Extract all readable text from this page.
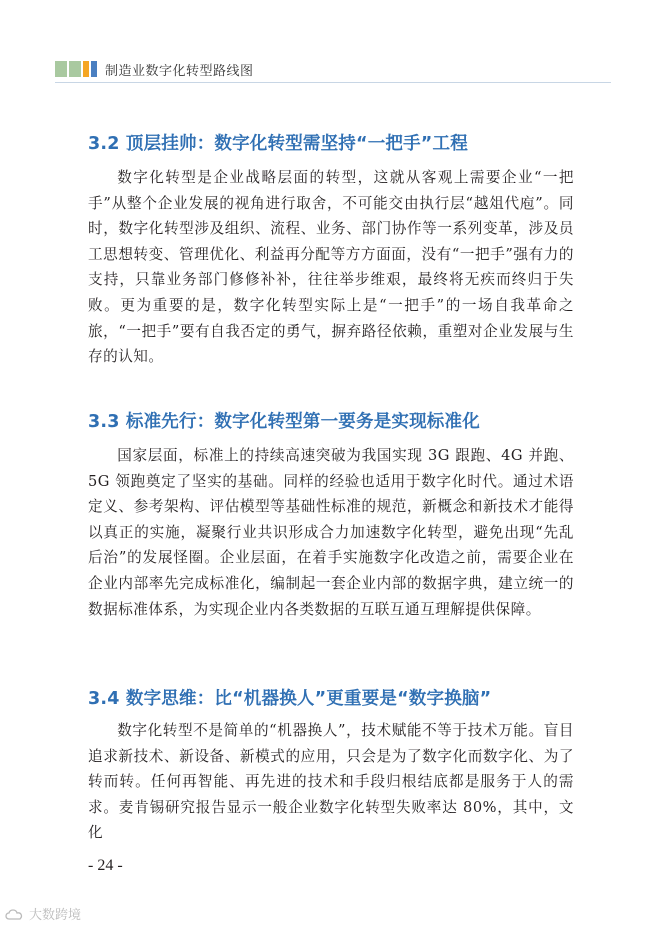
制造业数字化转型路线图
3.2 顶层挂帅：数字化转型需坚持“一把手”工程

数字化转型是企业战略层面的转型，这就从客观上需要企业“一把手”从整个企业发展的视角进行取舍，不可能交由执行层“越俎代庖”。同时，数字化转型涉及组织、流程、业务、部门协作等一系列变革，涉及员工思想转变、管理优化、利益再分配等方方面面，没有“一把手”强有力的支持，只靠业务部门修修补补，往往举步维艰，最终将无疾而终归于失败。更为重要的是，数字化转型实际上是“一把手”的一场自我革命之旅，“一把手”要有自我否定的勇气，摒弃路径依赖，重塑对企业发展与生存的认知。

3.3 标准先行：数字化转型第一要务是实现标准化

国家层面，标准上的持续高速突破为我国实现 3G 跟跑、4G 并跑、5G 领跑奠定了坚实的基础。同样的经验也适用于数字化时代。通过术语定义、参考架构、评估模型等基础性标准的规范，新概念和新技术才能得以真正的实施，凝聚行业共识形成合力加速数字化转型，避免出现“先乱后治”的发展怪圈。企业层面，在着手实施数字化改造之前，需要企业在企业内部率先完成标准化，编制起一套企业内部的数据字典，建立统一的数据标准体系，为实现企业内各类数据的互联互通互理解提供保障。

3.4 数字思维：比“机器换人”更重要是“数字换脑”

数字化转型不是简单的“机器换人”，技术赋能不等于技术万能。盲目追求新技术、新设备、新模式的应用，只会是为了数字化而数字化、为了转而转。任何再智能、再先进的技术和手段归根结底都是服务于人的需求。麦肯锡研究报告显示一般企业数字化转型失败率达 80%，其中，文化

- 24 -
大数跨境
